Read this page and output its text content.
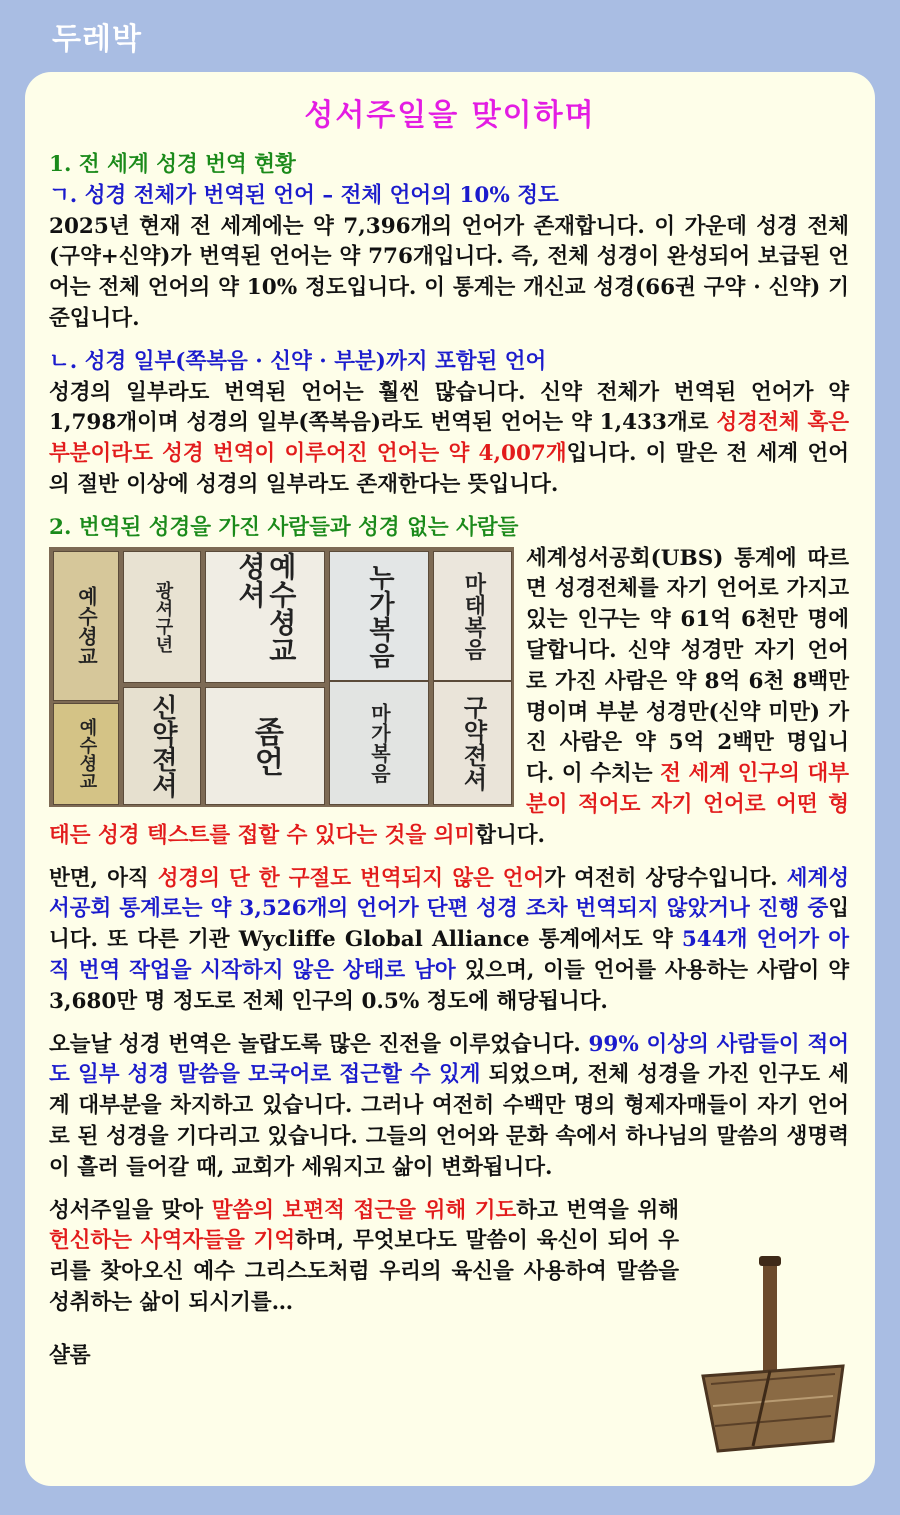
두레박
성서주일을 맞이하며

1. 전 세계 성경 번역 현황

ㄱ. 성경 전체가 번역된 언어 – 전체 언어의 10% 정도

2025년 현재 전 세계에는 약 7,396개의 언어가 존재합니다. 이 가운데 성경 전체(구약+신약)가 번역된 언어는 약 776개입니다. 즉, 전체 성경이 완성되어 보급된 언어는 전체 언어의 약 10% 정도입니다. 이 통계는 개신교 성경(66권 구약 · 신약) 기준입니다.

ㄴ. 성경 일부(쪽복음 · 신약 · 부분)까지 포함된 언어

성경의 일부라도 번역된 언어는 훨씬 많습니다. 신약 전체가 번역된 언어가 약 1,798개이며 성경의 일부(쪽복음)라도 번역된 언어는 약 1,433개로 성경전체 혹은 부분이라도 성경 번역이 이루어진 언어는 약 4,007개입니다. 이 말은 전 세계 언어의 절반 이상에 성경의 일부라도 존재한다는 뜻입니다.

2. 번역된 성경을 가진 사람들과 성경 없는 사람들

예수셩교	광셔구년	예수셩교셩셔	누가복음	마태복음
예수셩교	신약젼셔	좀언	마가복음	구약젼셔

세계성서공회(UBS) 통계에 따르면 성경전체를 자기 언어로 가지고 있는 인구는 약 61억 6천만 명에 달합니다. 신약 성경만 자기 언어로 가진 사람은 약 8억 6천 8백만 명이며 부분 성경만(신약 미만) 가진 사람은 약 5억 2백만 명입니다. 이 수치는 전 세계 인구의 대부분이 적어도 자기 언어로 어떤 형태든 성경 텍스트를 접할 수 있다는 것을 의미합니다.

반면, 아직 성경의 단 한 구절도 번역되지 않은 언어가 여전히 상당수입니다. 세계성서공회 통계로는 약 3,526개의 언어가 단편 성경 조차 번역되지 않았거나 진행 중입니다. 또 다른 기관 Wycliffe Global Alliance 통계에서도 약 544개 언어가 아직 번역 작업을 시작하지 않은 상태로 남아 있으며, 이들 언어를 사용하는 사람이 약 3,680만 명 정도로 전체 인구의 0.5% 정도에 해당됩니다.

오늘날 성경 번역은 놀랍도록 많은 진전을 이루었습니다. 99% 이상의 사람들이 적어도 일부 성경 말씀을 모국어로 접근할 수 있게 되었으며, 전체 성경을 가진 인구도 세계 대부분을 차지하고 있습니다. 그러나 여전히 수백만 명의 형제자매들이 자기 언어로 된 성경을 기다리고 있습니다. 그들의 언어와 문화 속에서 하나님의 말씀의 생명력이 흘러 들어갈 때, 교회가 세워지고 삶이 변화됩니다.

성서주일을 맞아 말씀의 보편적 접근을 위해 기도하고 번역을 위해 헌신하는 사역자들을 기억하며, 무엇보다도 말씀이 육신이 되어 우리를 찾아오신 예수 그리스도처럼 우리의 육신을 사용하여 말씀을 성취하는 삶이 되시기를…

샬롬
